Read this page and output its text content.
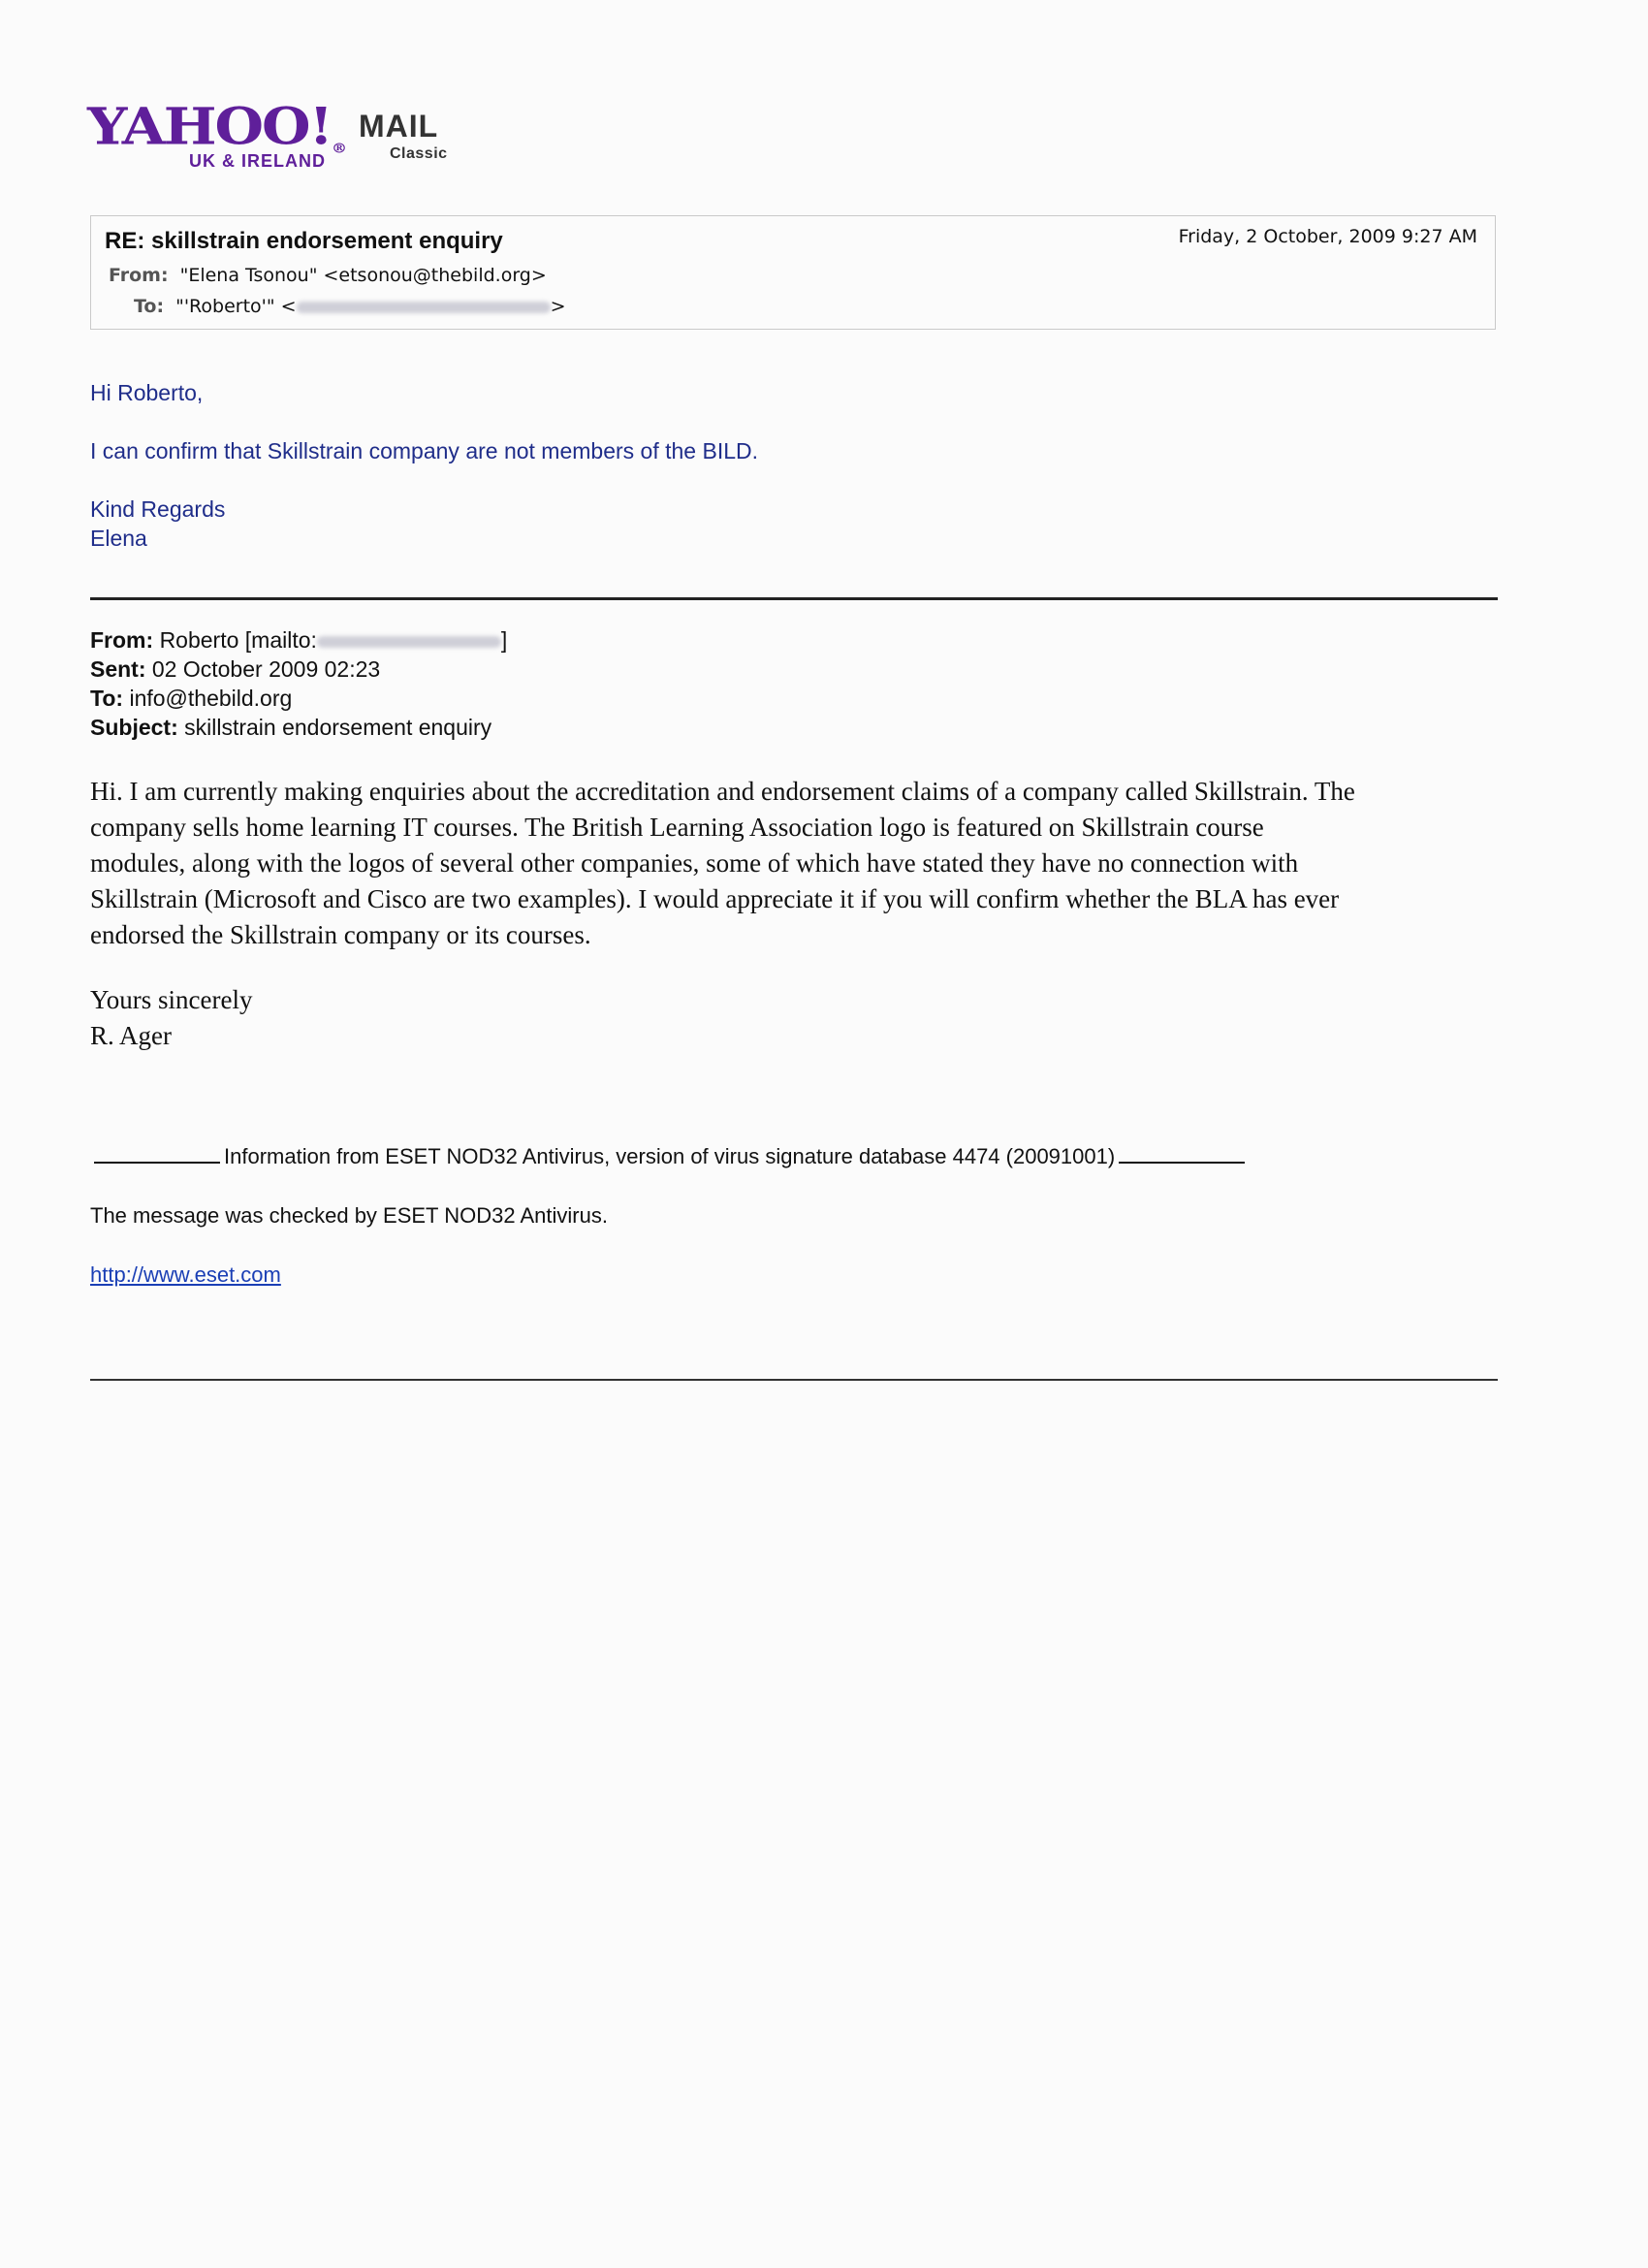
YAHOO!®
UK & IRELAND
MAIL
Classic
RE: skillstrain endorsement enquiry	Friday, 2 October, 2009 9:27 AM
From: "Elena Tsonou" <etsonou@thebild.org>
To: "'Roberto'" <	>

Hi Roberto,

I can confirm that Skillstrain company are not members of the BILD.

Kind Regards

Elena

From: Roberto [mailto:	]
Sent: 02 October 2009 02:23
To: info@thebild.org
Subject: skillstrain endorsement enquiry

Hi. I am currently making enquiries about the accreditation and endorsement claims of a company called Skillstrain. The

company sells home learning IT courses. The British Learning Association logo is featured on Skillstrain course

modules, along with the logos of several other companies, some of which have stated they have no connection with

Skillstrain (Microsoft and Cisco are two examples). I would appreciate it if you will confirm whether the BLA has ever

endorsed the Skillstrain company or its courses.

Yours sincerely
R. Ager
Information from ESET NOD32 Antivirus, version of virus signature database 4474 (20091001)
The message was checked by ESET NOD32 Antivirus.
http://www.eset.com
